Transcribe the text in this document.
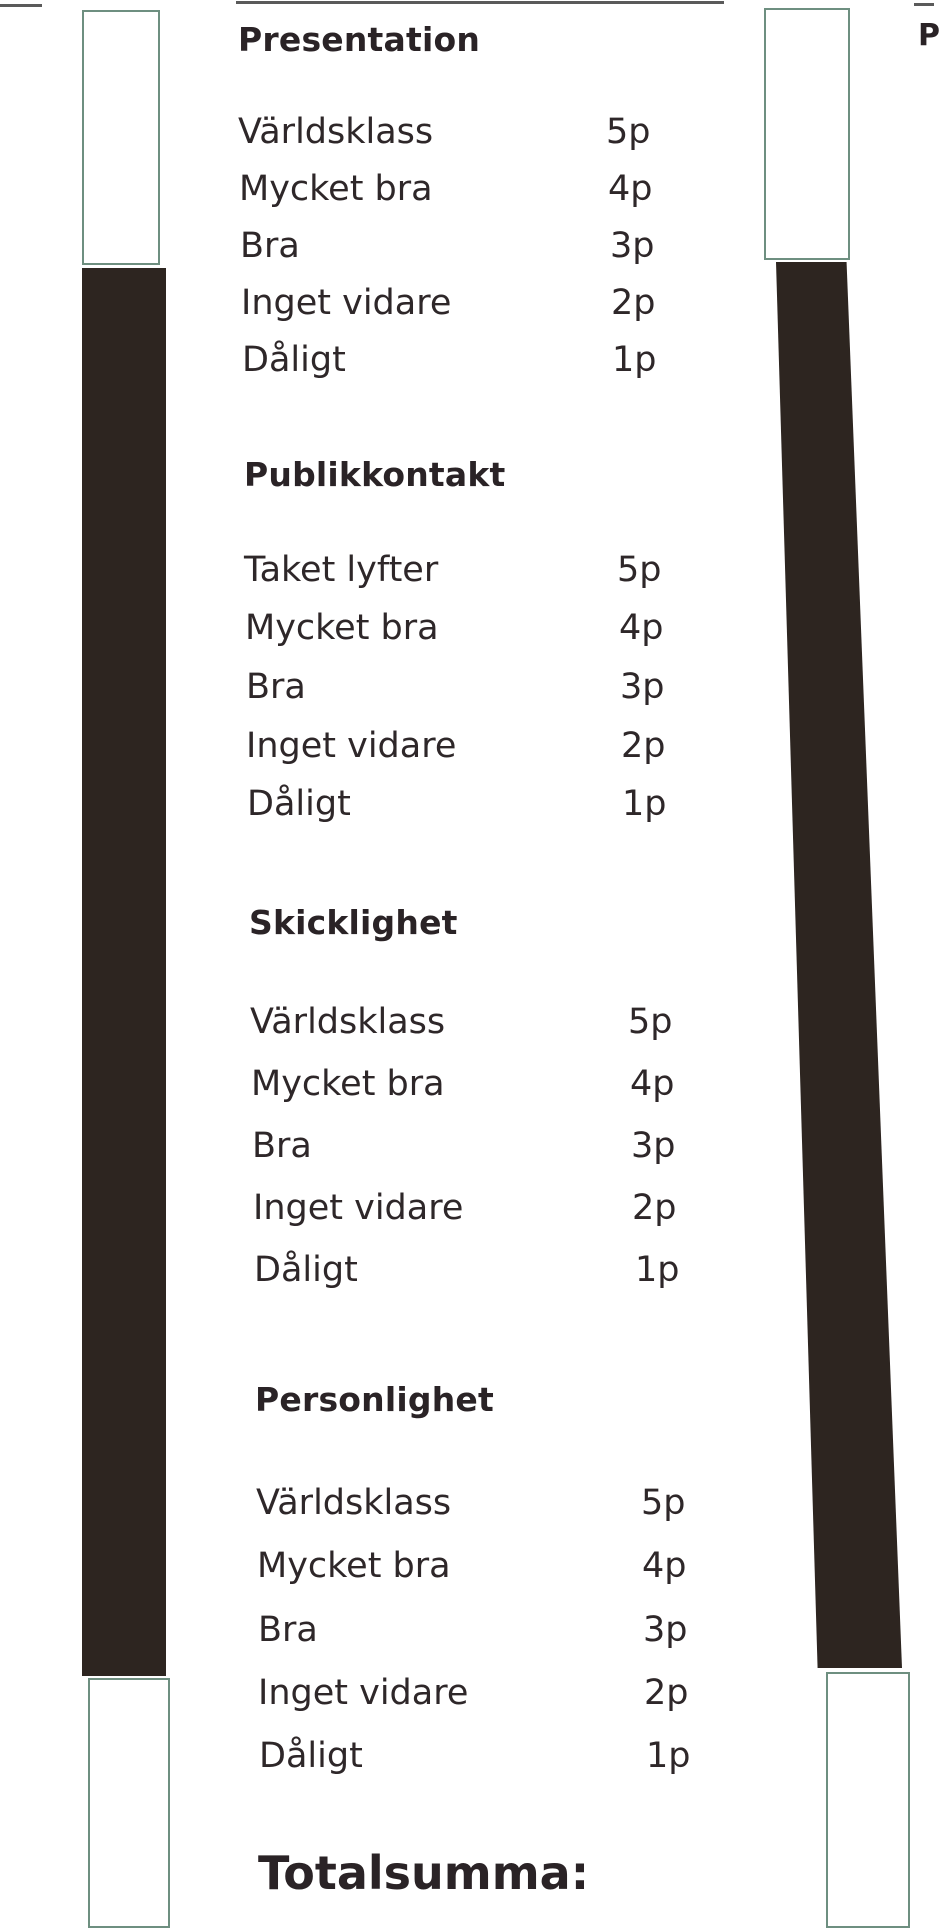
P
Presentation
Världsklass	5p
Mycket bra	4p
Bra	3p
Inget vidare	2p
Dåligt	1p
Publikkontakt
Taket lyfter	5p
Mycket bra	4p
Bra	3p
Inget vidare	2p
Dåligt	1p
Skicklighet
Världsklass	5p
Mycket bra	4p
Bra	3p
Inget vidare	2p
Dåligt	1p
Personlighet
Världsklass	5p
Mycket bra	4p
Bra	3p
Inget vidare	2p
Dåligt	1p
Totalsumma:
